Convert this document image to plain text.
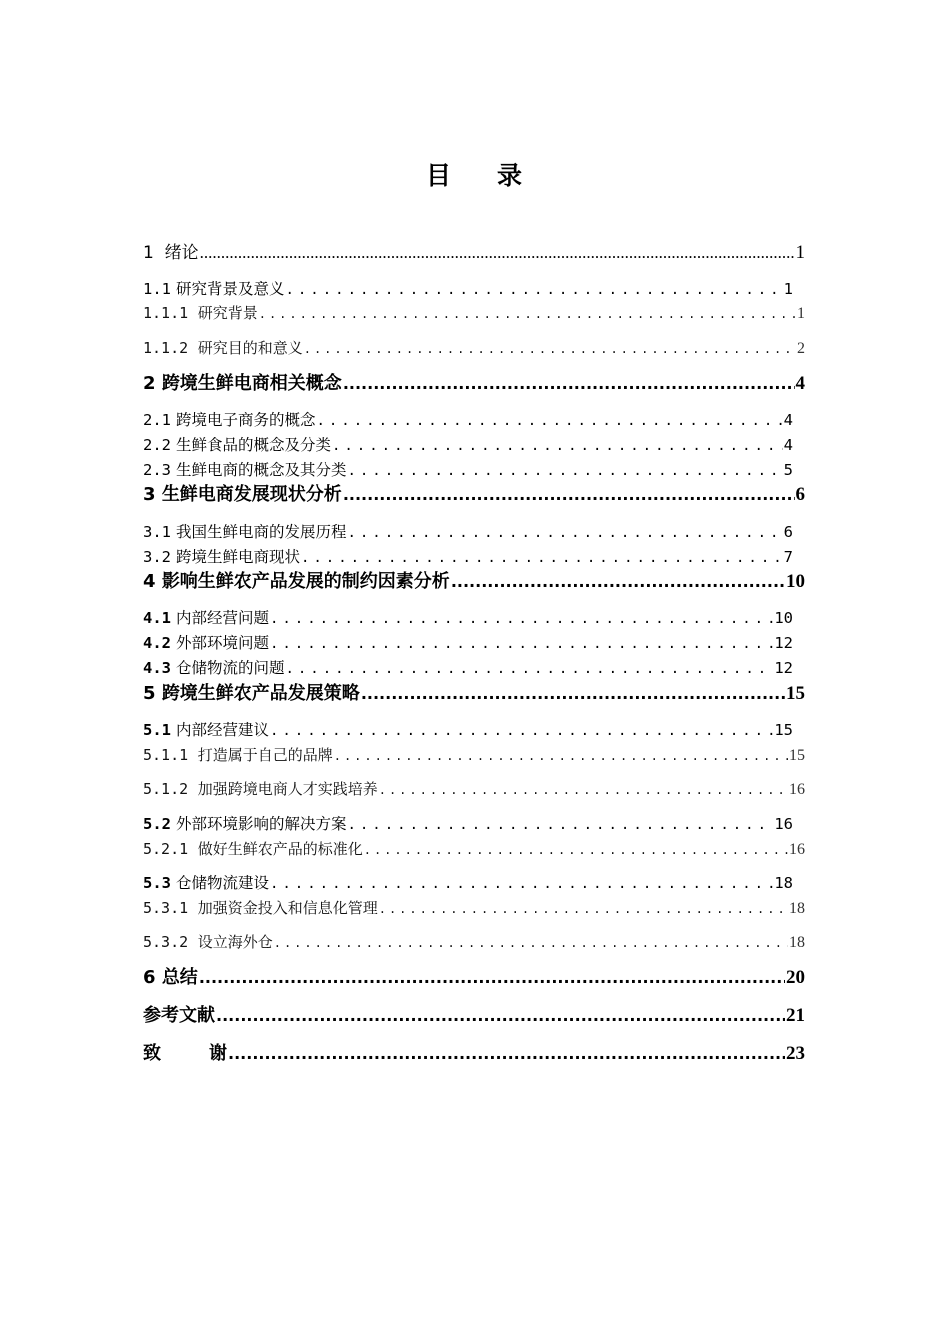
目 录
1 绪论 .....	1
1.1 研究背景及意义 .....	1
1.1.1 研究背景 .....	1
1.1.2 研究目的和意义 .....	2
2 跨境生鲜电商相关概念 .....	4
2.1 跨境电子商务的概念 .....	4
2.2 生鲜食品的概念及分类 .....	4
2.3 生鲜电商的概念及其分类 .....	5
3 生鲜电商发展现状分析 .....	6
3.1 我国生鲜电商的发展历程 .....	6
3.2 跨境生鲜电商现状 .....	7
4 影响生鲜农产品发展的制约因素分析 .....	10
4.1 内部经营问题 .....	10
4.2 外部环境问题 .....	12
4.3 仓储物流的问题 .....	12
5 跨境生鲜农产品发展策略 .....	15
5.1 内部经营建议 .....	15
5.1.1 打造属于自己的品牌 .....	15
5.1.2 加强跨境电商人才实践培养 .....	16
5.2 外部环境影响的解决方案 .....	16
5.2.1 做好生鲜农产品的标准化 .....	16
5.3 仓储物流建设 .....	18
5.3.1 加强资金投入和信息化管理 .....	18
5.3.2 设立海外仓 .....	18
6 总结 .....	20
参考文献 .....	21
致	谢 .....	23
